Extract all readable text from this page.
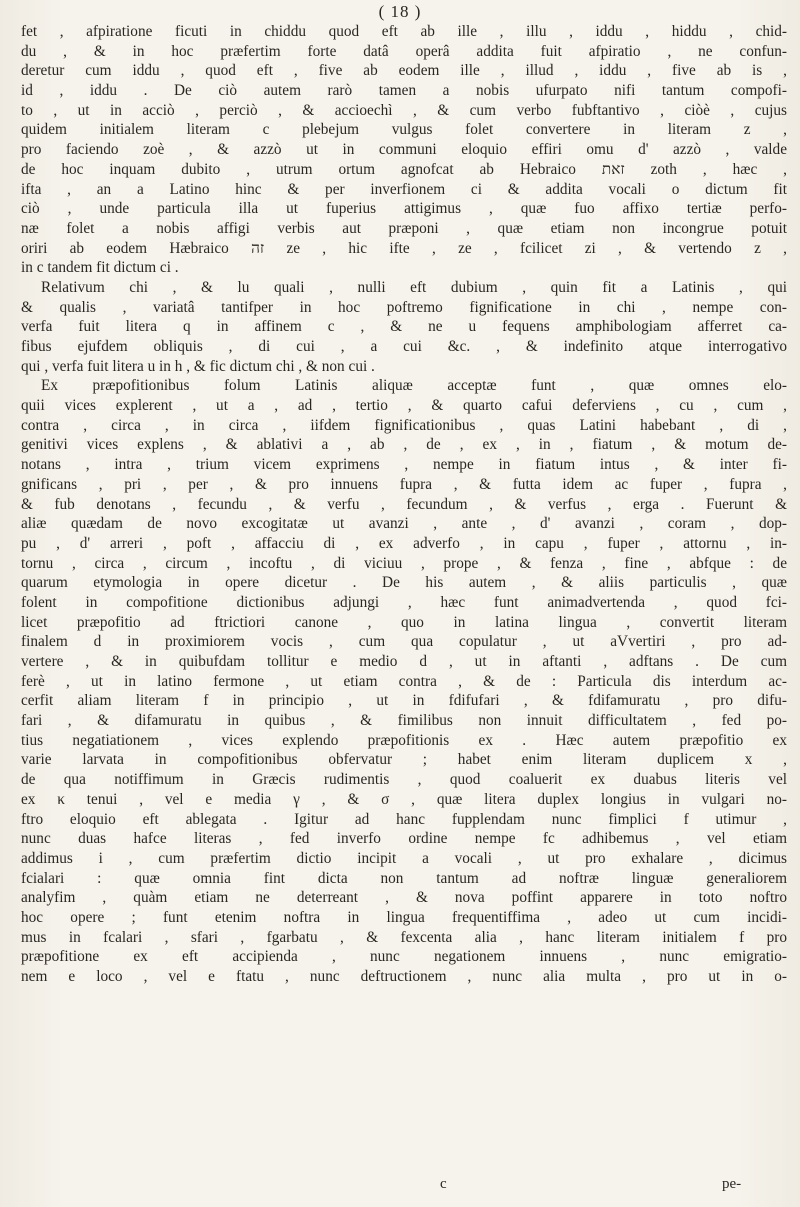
( 18 )
fet , afpiratione ficuti in chiddu quod eft ab ille , illu , iddu , hiddu , chid-
du , & in hoc præfertim forte datâ operâ addita fuit afpiratio , ne confun-
deretur cum iddu , quod eft , five ab eodem ille , illud , iddu , five ab is ,
id , iddu . De ciò autem rarò tamen a nobis ufurpato nifi tantum compofi-
to , ut in acciò , perciò , & accioechì , & cum verbo fubftantivo , ciòè , cujus
quidem initialem literam c plebejum vulgus folet convertere in literam z ,
pro faciendo zoè , & azzò ut in communi eloquio effiri omu d' azzò , valde
de hoc inquam dubito , utrum ortum agnofcat ab Hebraico זאת zoth , hæc ,
ifta , an a Latino hinc & per inverfionem ci & addita vocali o dictum fit
ciò , unde particula illa ut fuperius attigimus , quæ fuo affixo tertiæ perfo-
næ folet a nobis affigi verbis aut præponi , quæ etiam non incongrue potuit
oriri ab eodem Hæbraico זה ze , hic ifte , ze , fcilicet zi , & vertendo z ,
in c tandem fit dictum ci .
Relativum chi , & lu quali , nulli eft dubium , quin fit a Latinis , qui
& qualis , variatâ tantifper in hoc poftremo fignificatione in chi , nempe con-
verfa fuit litera q in affinem c , & ne u fequens amphibologiam afferret ca-
fibus ejufdem obliquis , di cui , a cui &c. , & indefinito atque interrogativo
qui , verfa fuit litera u in h , & fic dictum chi , & non cui .
Ex præpofitionibus folum Latinis aliquæ acceptæ funt , quæ omnes elo-
quii vices explerent , ut a , ad , tertio , & quarto cafui deferviens , cu , cum ,
contra , circa , in circa , iifdem fignificationibus , quas Latini habebant , di ,
genitivi vices explens , & ablativi a , ab , de , ex , in , fiatum , & motum de-
notans , intra , trium vicem exprimens , nempe in fiatum intus , & inter fi-
gnificans , pri , per , & pro innuens fupra , & futta idem ac fuper , fupra ,
& fub denotans , fecundu , & verfu , fecundum , & verfus , erga . Fuerunt &
aliæ quædam de novo excogitatæ ut avanzi , ante , d' avanzi , coram , dop-
pu , d' arreri , poft , affacciu di , ex adverfo , in capu , fuper , attornu , in-
tornu , circa , circum , incoftu , di viciuu , prope , & fenza , fine , abfque : de
quarum etymologia in opere dicetur . De his autem , & aliis particulis , quæ
folent in compofitione dictionibus adjungi , hæc funt animadvertenda , quod fci-
licet præpofitio ad ftrictiori canone , quo in latina lingua , convertit literam
finalem d in proximiorem vocis , cum qua copulatur , ut aVvertiri , pro ad-
vertere , & in quibufdam tollitur e medio d , ut in aftanti , adftans . De cum
ferè , ut in latino fermone , ut etiam contra , & de : Particula dis interdum ac-
cerfit aliam literam f in principio , ut in fdifufari , & fdifamuratu , pro difu-
fari , & difamuratu in quibus , & fimilibus non innuit difficultatem , fed po-
tius negatiationem , vices explendo præpofitionis ex . Hæc autem præpofitio ex
varie larvata in compofitionibus obfervatur ; habet enim literam duplicem x ,
de qua notiffimum in Græcis rudimentis , quod coaluerit ex duabus literis vel
ex κ tenui , vel e media γ , & σ , quæ litera duplex longius in vulgari no-
ftro eloquio eft ablegata . Igitur ad hanc fupplendam nunc fimplici f utimur ,
nunc duas hafce literas , fed inverfo ordine nempe fc adhibemus , vel etiam
addimus i , cum præfertim dictio incipit a vocali , ut pro exhalare , dicimus
fcialari : quæ omnia fint dicta non tantum ad noftræ linguæ generaliorem
analyfim , quàm etiam ne deterreant , & nova poffint apparere in toto noftro
hoc opere ; funt etenim noftra in lingua frequentiffima , adeo ut cum incidi-
mus in fcalari , sfari , fgarbatu , & fexcenta alia , hanc literam initialem f pro
præpofitione ex eft accipienda , nunc negationem innuens , nunc emigratio-
nem e loco , vel e ftatu , nunc deftructionem , nunc alia multa , pro ut in o-
c	pe-
